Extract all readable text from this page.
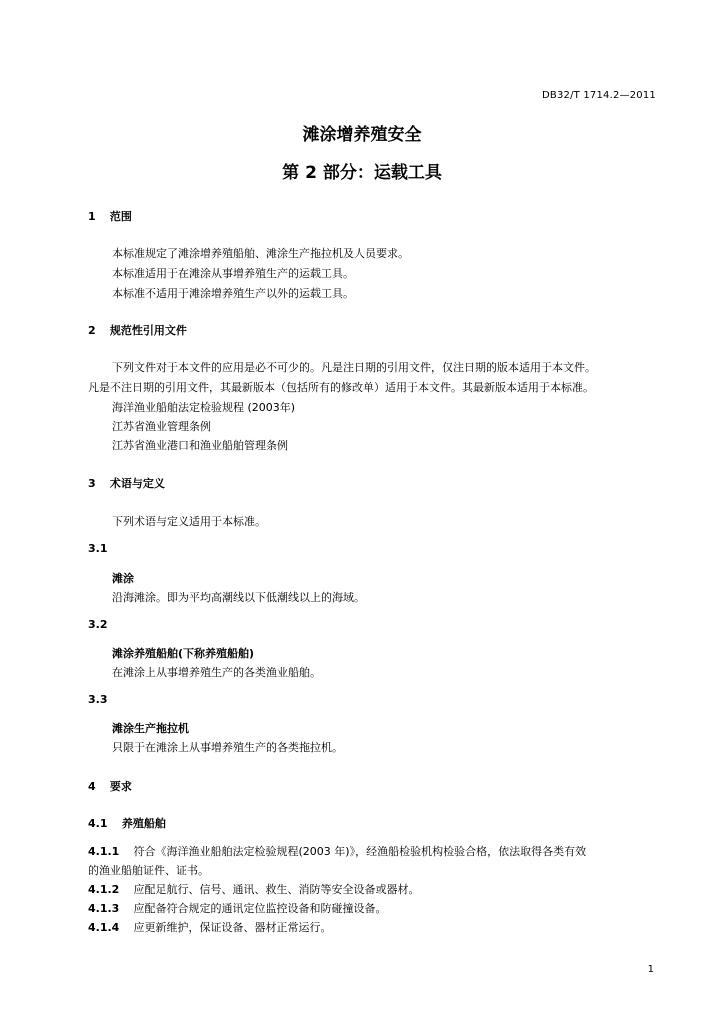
DB32/T 1714.2—2011
滩涂增养殖安全
第 2 部分：运载工具
1 范围
本标准规定了滩涂增养殖船舶、滩涂生产拖拉机及人员要求。
本标准适用于在滩涂从事增养殖生产的运载工具。
本标准不适用于滩涂增养殖生产以外的运载工具。
2 规范性引用文件
下列文件对于本文件的应用是必不可少的。凡是注日期的引用文件，仅注日期的版本适用于本文件。
凡是不注日期的引用文件，其最新版本（包括所有的修改单）适用于本文件。其最新版本适用于本标准。
海洋渔业船舶法定检验规程 (2003年)
江苏省渔业管理条例
江苏省渔业港口和渔业船舶管理条例
3 术语与定义
下列术语与定义适用于本标准。
3.1
滩涂
沿海滩涂。即为平均高潮线以下低潮线以上的海域。
3.2
滩涂养殖船舶(下称养殖船舶)
在滩涂上从事增养殖生产的各类渔业船舶。
3.3
滩涂生产拖拉机
只限于在滩涂上从事增养殖生产的各类拖拉机。
4 要求
4.1 养殖船舶
4.1.1 符合《海洋渔业船舶法定检验规程(2003 年)》，经渔船检验机构检验合格，依法取得各类有效
的渔业船舶证件、证书。
4.1.2 应配足航行、信号、通讯、救生、消防等安全设备或器材。
4.1.3 应配备符合规定的通讯定位监控设备和防碰撞设备。
4.1.4 应更新维护，保证设备、器材正常运行。
1
